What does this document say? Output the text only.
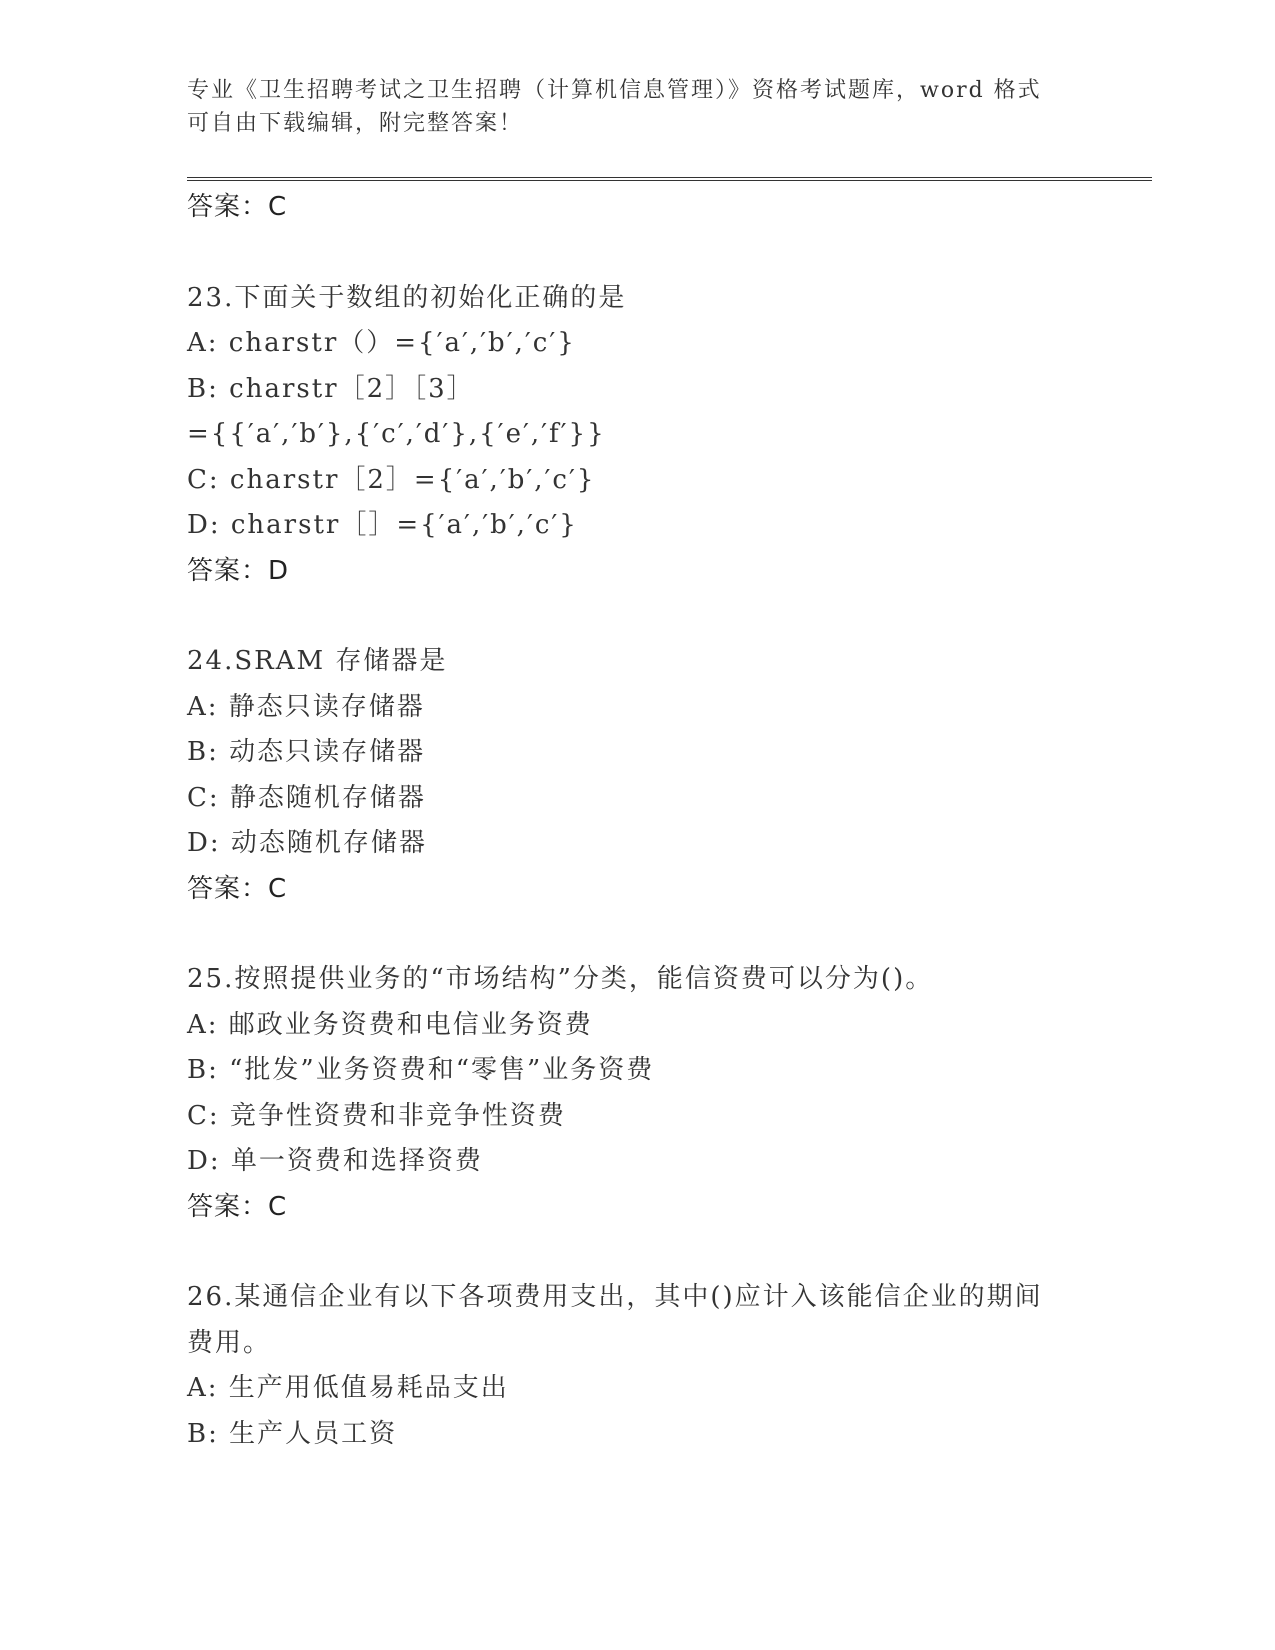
专业《卫生招聘考试之卫生招聘（计算机信息管理）》资格考试题库，word 格式
可自由下载编辑，附完整答案！
答案：C
23.下面关于数组的初始化正确的是
A: charstr（）={′a′,′b′,′c′}
B: charstr［2］［3］
={{′a′,′b′},{′c′,′d′},{′e′,′f′}}
C: charstr［2］={′a′,′b′,′c′}
D: charstr［］={′a′,′b′,′c′}
答案：D
24.SRAM 存储器是
A: 静态只读存储器
B: 动态只读存储器
C: 静态随机存储器
D: 动态随机存储器
答案：C
25.按照提供业务的“市场结构”分类，能信资费可以分为()。
A: 邮政业务资费和电信业务资费
B: “批发”业务资费和“零售”业务资费
C: 竞争性资费和非竞争性资费
D: 单一资费和选择资费
答案：C
26.某通信企业有以下各项费用支出，其中()应计入该能信企业的期间
费用。
A: 生产用低值易耗品支出
B: 生产人员工资
